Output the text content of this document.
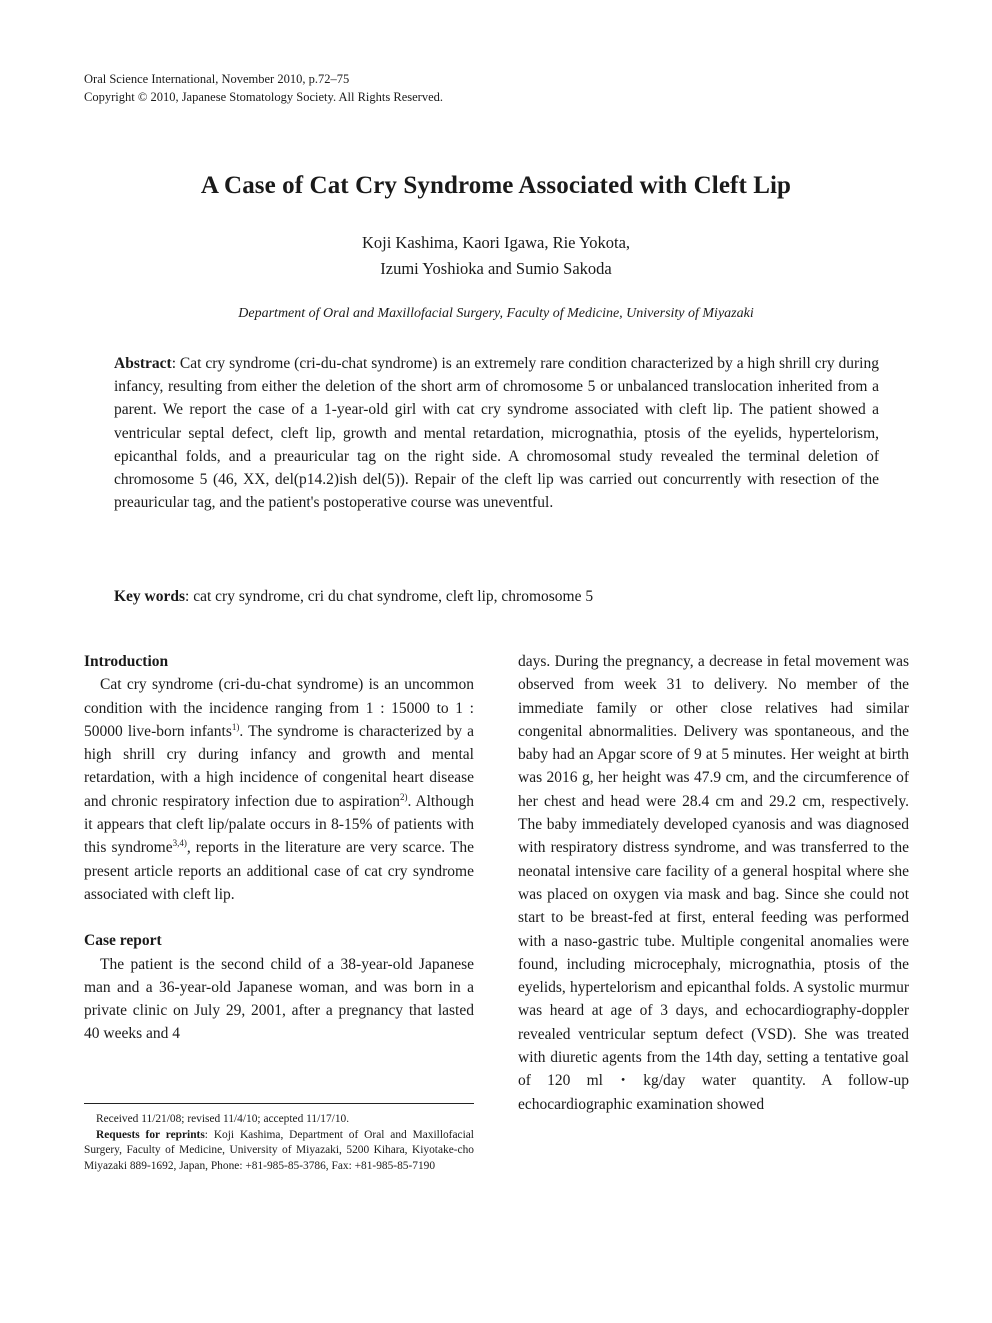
Oral Science International, November 2010, p.72–75
Copyright © 2010, Japanese Stomatology Society. All Rights Reserved.
A Case of Cat Cry Syndrome Associated with Cleft Lip
Koji Kashima, Kaori Igawa, Rie Yokota,
Izumi Yoshioka and Sumio Sakoda
Department of Oral and Maxillofacial Surgery, Faculty of Medicine, University of Miyazaki
Abstract: Cat cry syndrome (cri-du-chat syndrome) is an extremely rare condition characterized by a high shrill cry during infancy, resulting from either the deletion of the short arm of chromosome 5 or unbalanced translocation inherited from a parent. We report the case of a 1-year-old girl with cat cry syndrome associated with cleft lip. The patient showed a ventricular septal defect, cleft lip, growth and mental retardation, micrognathia, ptosis of the eyelids, hypertelorism, epicanthal folds, and a preauricular tag on the right side. A chromosomal study revealed the terminal deletion of chromosome 5 (46, XX, del(p14.2)ish del(5)). Repair of the cleft lip was carried out concurrently with resection of the preauricular tag, and the patient's postoperative course was uneventful.
Key words: cat cry syndrome, cri du chat syndrome, cleft lip, chromosome 5

Introduction

Cat cry syndrome (cri-du-chat syndrome) is an uncommon condition with the incidence ranging from 1 : 15000 to 1 : 50000 live-born infants$^{1)}$. The syndrome is characterized by a high shrill cry during infancy and growth and mental retardation, with a high incidence of congenital heart disease and chronic respiratory infection due to aspiration$^{2)}$. Although it appears that cleft lip/palate occurs in 8-15% of patients with this syndrome$^{3,4)}$, reports in the literature are very scarce. The present article reports an additional case of cat cry syndrome associated with cleft lip.

Case report

The patient is the second child of a 38-year-old Japanese man and a 36-year-old Japanese woman, and was born in a private clinic on July 29, 2001, after a pregnancy that lasted 40 weeks and 4

days. During the pregnancy, a decrease in fetal movement was observed from week 31 to delivery. No member of the immediate family or other close relatives had similar congenital abnormalities. Delivery was spontaneous, and the baby had an Apgar score of 9 at 5 minutes. Her weight at birth was 2016 g, her height was 47.9 cm, and the circumference of her chest and head were 28.4 cm and 29.2 cm, respectively. The baby immediately developed cyanosis and was diagnosed with respiratory distress syndrome, and was transferred to the neonatal intensive care facility of a general hospital where she was placed on oxygen via mask and bag. Since she could not start to be breast-fed at first, enteral feeding was performed with a naso-gastric tube. Multiple congenital anomalies were found, including microcephaly, micrognathia, ptosis of the eyelids, hypertelorism and epicanthal folds. A systolic murmur was heard at age of 3 days, and echocardiography-doppler revealed ventricular septum defect (VSD). She was treated with diuretic agents from the 14th day, setting a tentative goal of 120 ml・kg/day water quantity. A follow-up echocardiographic examination showed

Received 11/21/08; revised 11/4/10; accepted 11/17/10.

Requests for reprints: Koji Kashima, Department of Oral and Maxillofacial Surgery, Faculty of Medicine, University of Miyazaki, 5200 Kihara, Kiyotake-cho Miyazaki 889-1692, Japan, Phone: +81-985-85-3786, Fax: +81-985-85-7190
